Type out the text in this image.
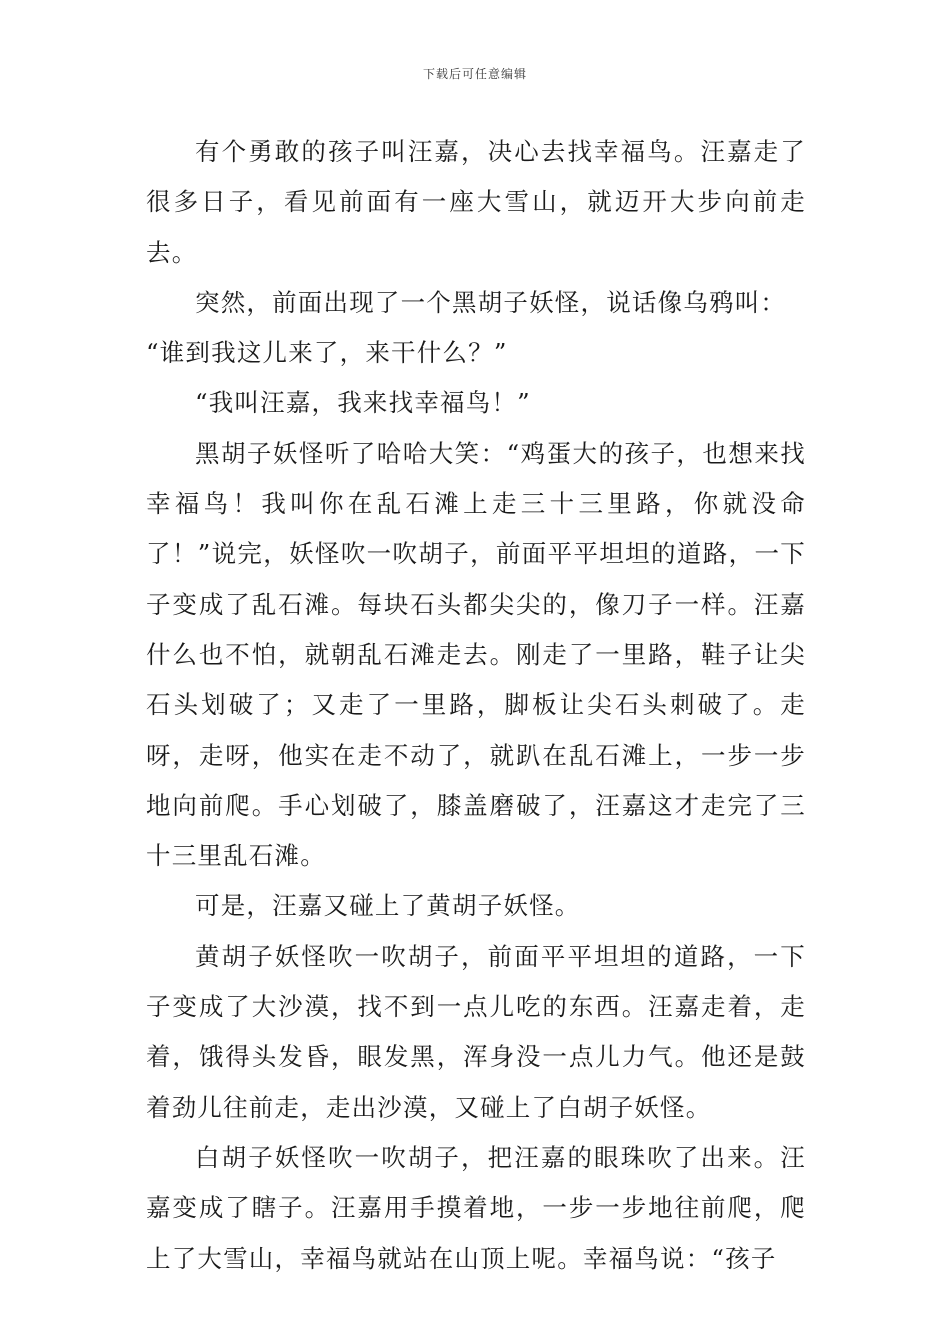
下载后可任意编辑

有个勇敢的孩子叫汪嘉，决心去找幸福鸟。汪嘉走了很多日子，看见前面有一座大雪山，就迈开大步向前走去。

突然，前面出现了一个黑胡子妖怪，说话像乌鸦叫：

“谁到我这儿来了，来干什么？”

“我叫汪嘉，我来找幸福鸟！”

黑胡子妖怪听了哈哈大笑：“鸡蛋大的孩子，也想来找幸福鸟！我叫你在乱石滩上走三十三里路，你就没命了！”说完，妖怪吹一吹胡子，前面平平坦坦的道路，一下子变成了乱石滩。每块石头都尖尖的，像刀子一样。汪嘉什么也不怕，就朝乱石滩走去。刚走了一里路，鞋子让尖石头划破了；又走了一里路，脚板让尖石头刺破了。走呀，走呀，他实在走不动了，就趴在乱石滩上，一步一步地向前爬。手心划破了，膝盖磨破了，汪嘉这才走完了三十三里乱石滩。

可是，汪嘉又碰上了黄胡子妖怪。

黄胡子妖怪吹一吹胡子，前面平平坦坦的道路，一下子变成了大沙漠，找不到一点儿吃的东西。汪嘉走着，走着，饿得头发昏，眼发黑，浑身没一点儿力气。他还是鼓着劲儿往前走，走出沙漠，又碰上了白胡子妖怪。

白胡子妖怪吹一吹胡子，把汪嘉的眼珠吹了出来。汪嘉变成了瞎子。汪嘉用手摸着地，一步一步地往前爬，爬上了大雪山，幸福鸟就站在山顶上呢。幸福鸟说：“孩子
